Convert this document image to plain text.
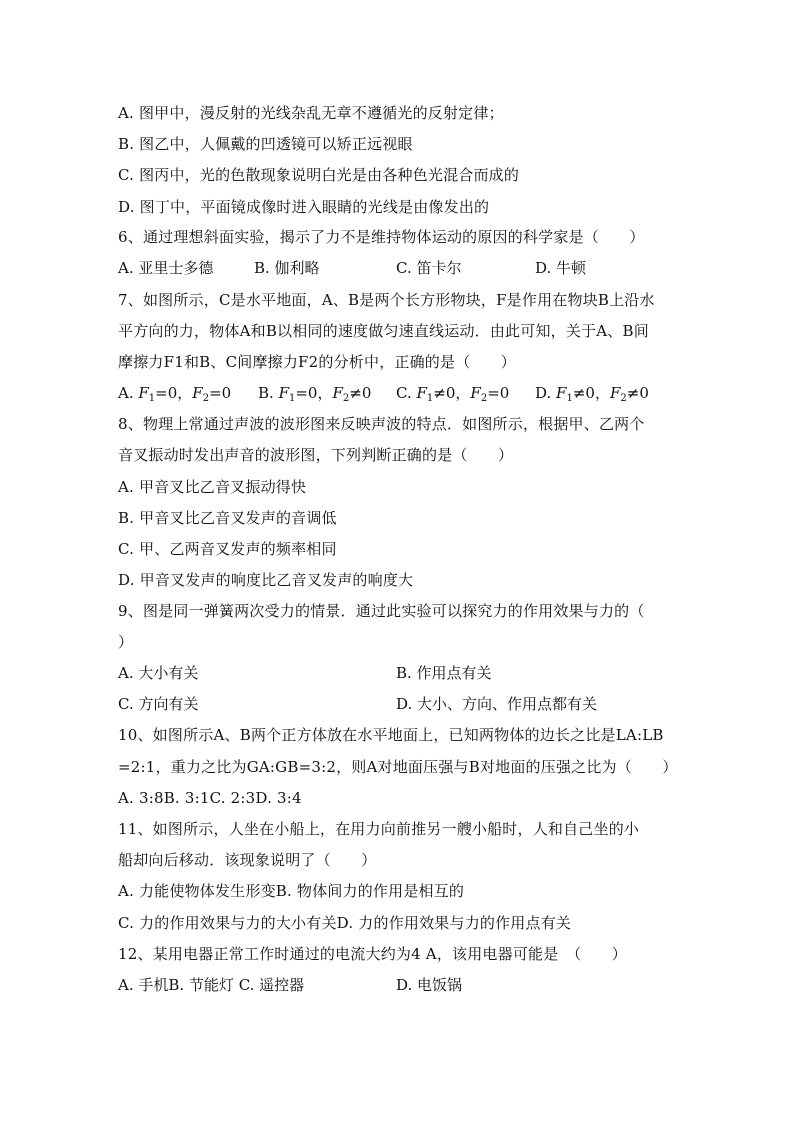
A. 图甲中，漫反射的光线杂乱无章不遵循光的反射定律；
B. 图乙中，人佩戴的凹透镜可以矫正远视眼
C. 图丙中，光的色散现象说明白光是由各种色光混合而成的
D. 图丁中，平面镜成像时进入眼睛的光线是由像发出的
6、通过理想斜面实验，揭示了力不是维持物体运动的原因的科学家是（　　）
A. 亚里士多德	B. 伽利略	C. 笛卡尔	D. 牛顿
7、如图所示，C是水平地面，A、B是两个长方形物块，F是作用在物块B上沿水
平方向的力，物体A和B以相同的速度做匀速直线运动．由此可知，关于A、B间
摩擦力F1和B、C间摩擦力F2的分析中，正确的是（　　）
A. $F_1=0$，$F_2=0$ B. $F_1=0$，$F_2\ne 0$ C. $F_1\ne 0$，$F_2=0$ D. $F_1\ne 0$，$F_2\ne 0$
8、物理上常通过声波的波形图来反映声波的特点．如图所示，根据甲、乙两个
音叉振动时发出声音的波形图，下列判断正确的是（　　）
A. 甲音叉比乙音叉振动得快
B. 甲音叉比乙音叉发声的音调低
C. 甲、乙两音叉发声的频率相同
D. 甲音叉发声的响度比乙音叉发声的响度大
9、图是同一弹簧两次受力的情景．通过此实验可以探究力的作用效果与力的（
）
A. 大小有关	B. 作用点有关
C. 方向有关	D. 大小、方向、作用点都有关
10、如图所示A、B两个正方体放在水平地面上，已知两物体的边长之比是LA:LB
=2:1，重力之比为GA:GB=3:2，则A对地面压强与B对地面的压强之比为（　　）
A. 3:8B. 3:1C. 2:3D. 3:4
11、如图所示，人坐在小船上，在用力向前推另一艘小船时，人和自己坐的小
船却向后移动．该现象说明了（　　）
A. 力能使物体发生形变B. 物体间力的作用是相互的
C. 力的作用效果与力的大小有关D. 力的作用效果与力的作用点有关
12、某用电器正常工作时通过的电流大约为4 A，该用电器可能是　（　　）
A. 手机B. 节能灯 C. 遥控器	D. 电饭锅
